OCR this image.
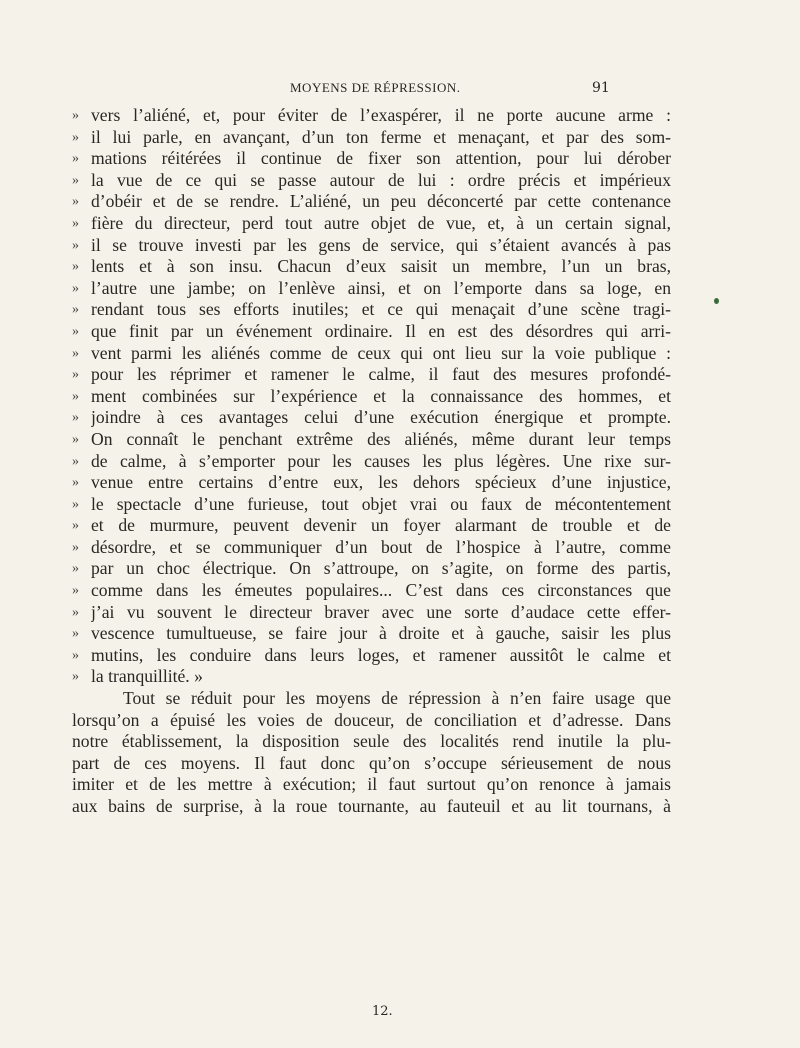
MOYENS DE RÉPRESSION.	91
» vers l’aliéné, et, pour éviter de l’exaspérer, il ne porte aucune arme :
» il lui parle, en avançant, d’un ton ferme et menaçant, et par des som-
» mations réitérées il continue de fixer son attention, pour lui dérober
» la vue de ce qui se passe autour de lui : ordre précis et impérieux
» d’obéir et de se rendre. L’aliéné, un peu déconcerté par cette contenance
» fière du directeur, perd tout autre objet de vue, et, à un certain signal,
» il se trouve investi par les gens de service, qui s’étaient avancés à pas
» lents et à son insu. Chacun d’eux saisit un membre, l’un un bras,
» l’autre une jambe; on l’enlève ainsi, et on l’emporte dans sa loge, en
» rendant tous ses efforts inutiles; et ce qui menaçait d’une scène tragi-
» que finit par un événement ordinaire. Il en est des désordres qui arri-
» vent parmi les aliénés comme de ceux qui ont lieu sur la voie publique :
» pour les réprimer et ramener le calme, il faut des mesures profondé-
» ment combinées sur l’expérience et la connaissance des hommes, et
» joindre à ces avantages celui d’une exécution énergique et prompte.
» On connaît le penchant extrême des aliénés, même durant leur temps
» de calme, à s’emporter pour les causes les plus légères. Une rixe sur-
» venue entre certains d’entre eux, les dehors spécieux d’une injustice,
» le spectacle d’une furieuse, tout objet vrai ou faux de mécontentement
» et de murmure, peuvent devenir un foyer alarmant de trouble et de
» désordre, et se communiquer d’un bout de l’hospice à l’autre, comme
» par un choc électrique. On s’attroupe, on s’agite, on forme des partis,
» comme dans les émeutes populaires... C’est dans ces circonstances que
» j’ai vu souvent le directeur braver avec une sorte d’audace cette effer-
» vescence tumultueuse, se faire jour à droite et à gauche, saisir les plus
» mutins, les conduire dans leurs loges, et ramener aussitôt le calme et
» la tranquillité. »
Tout se réduit pour les moyens de répression à n’en faire usage que
lorsqu’on a épuisé les voies de douceur, de conciliation et d’adresse. Dans
notre établissement, la disposition seule des localités rend inutile la plu-
part de ces moyens. Il faut donc qu’on s’occupe sérieusement de nous
imiter et de les mettre à exécution; il faut surtout qu’on renonce à jamais
aux bains de surprise, à la roue tournante, au fauteuil et au lit tournans, à
12.
